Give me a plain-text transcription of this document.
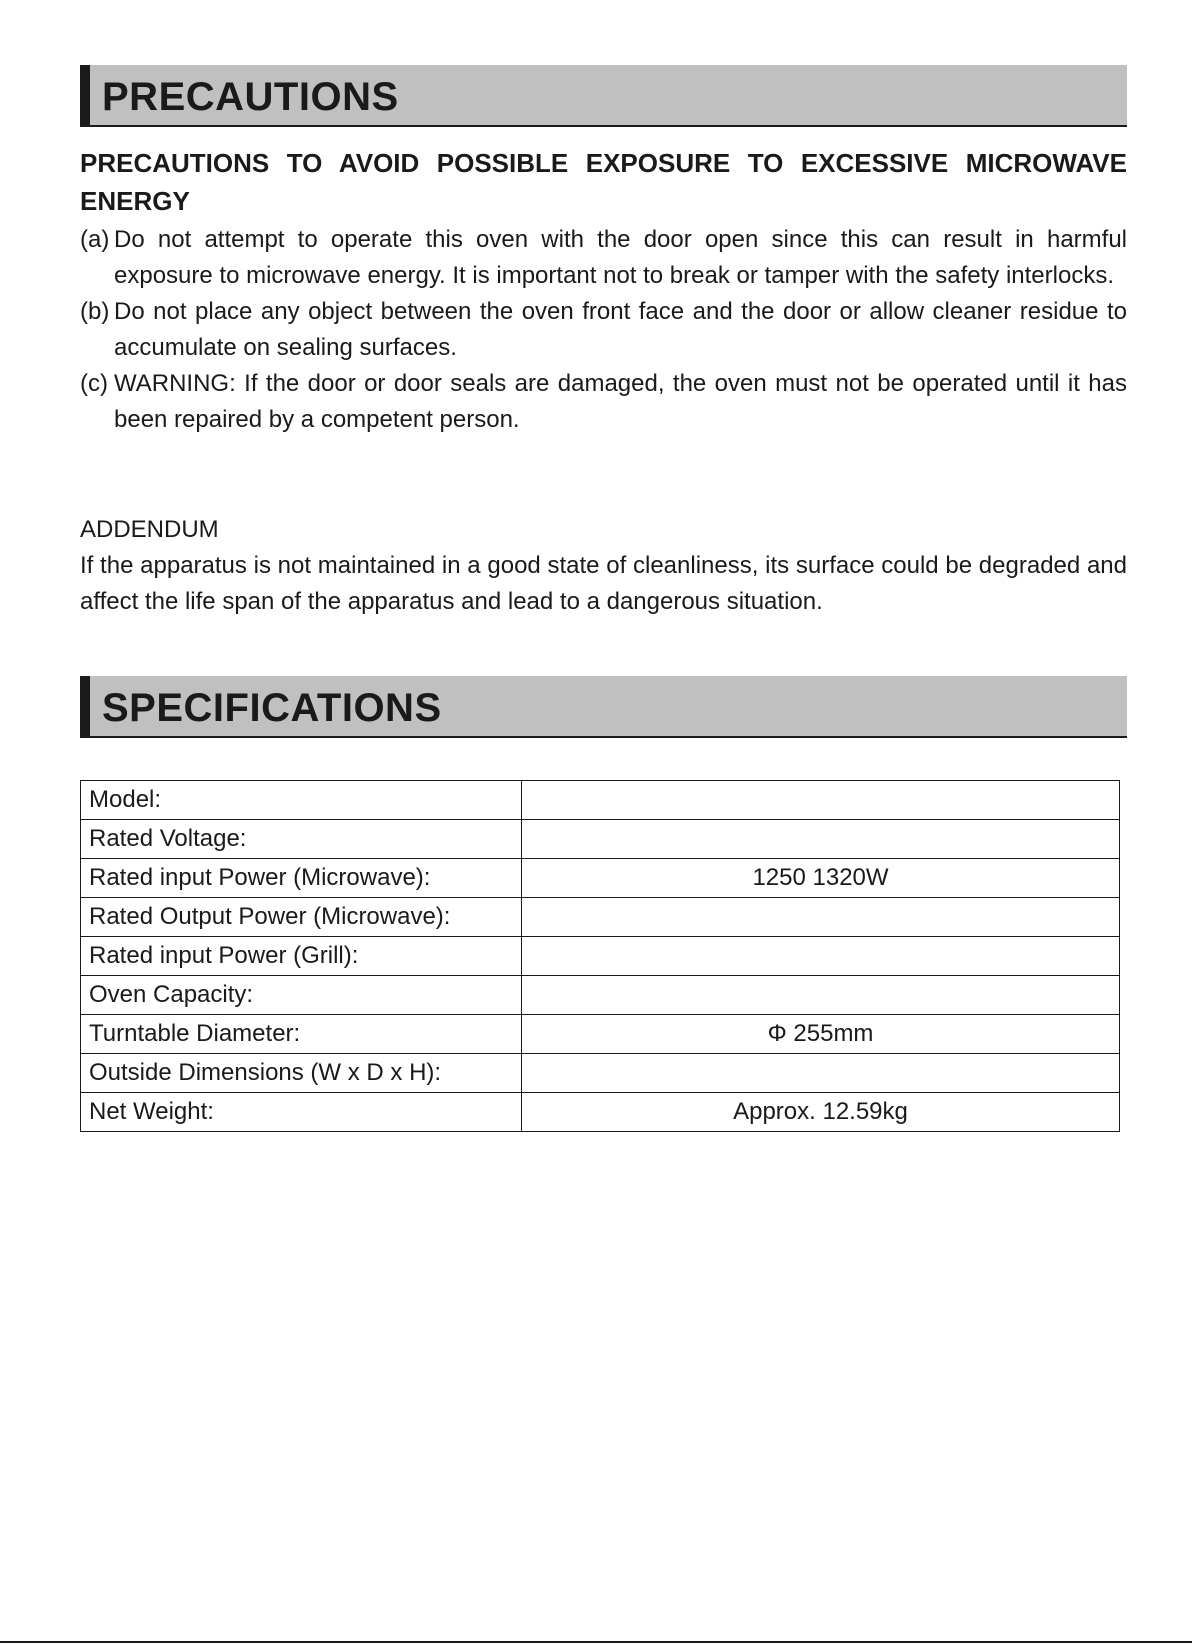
PRECAUTIONS
PRECAUTIONS TO AVOID POSSIBLE EXPOSURE TO EXCESSIVE MICROWAVE ENERGY
(a) Do not attempt to operate this oven with the door open since this can result in harmful exposure to microwave energy. It is important not to break or tamper with the safety interlocks.
(b) Do not place any object between the oven front face and the door or allow cleaner residue to accumulate on sealing surfaces.
(c) WARNING: If the door or door seals are damaged, the oven must not be operated until it has been repaired by a competent person.
ADDENDUM
If the apparatus is not maintained in a good state of cleanliness, its surface could be degraded and affect the life span of the apparatus and lead to a dangerous situation.
SPECIFICATIONS
Model:	
Rated Voltage:	
Rated input Power (Microwave):	1250 1320W
Rated Output Power (Microwave):	
Rated input Power (Grill):	
Oven Capacity:	
Turntable Diameter:	Φ 255mm
Outside Dimensions (W x D x H):	
Net Weight:	Approx. 12.59kg
